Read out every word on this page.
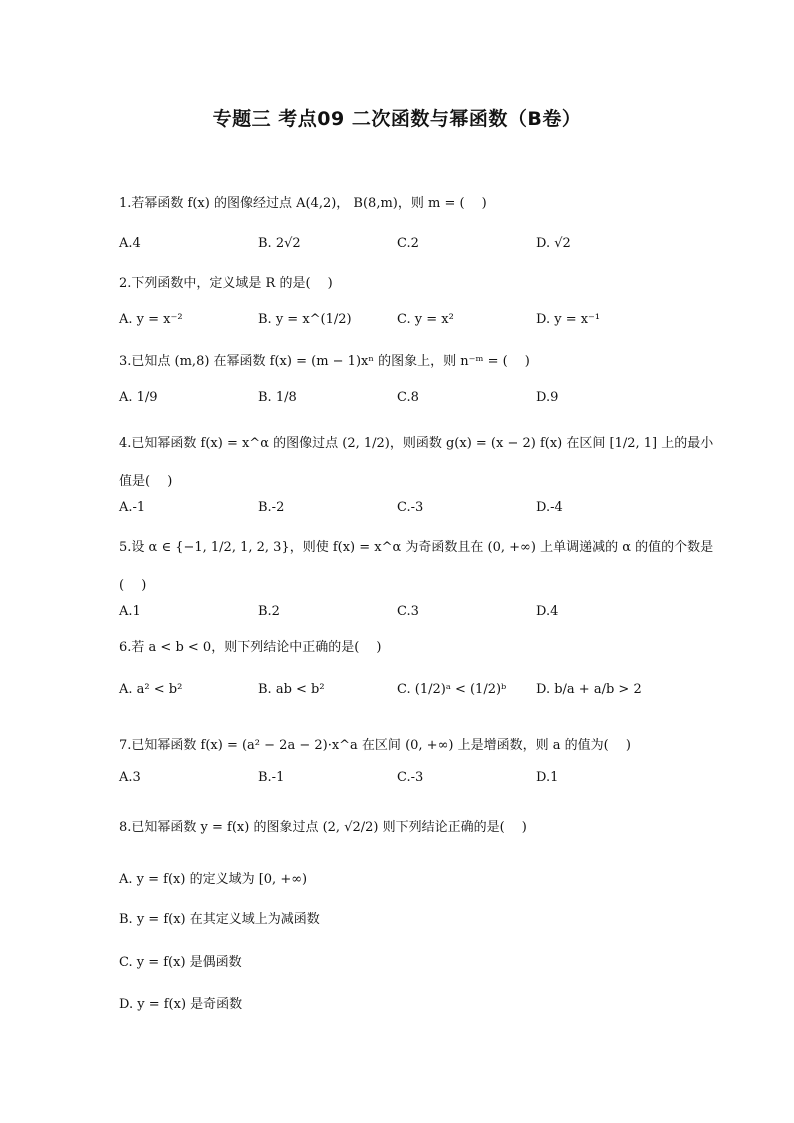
专题三 考点09 二次函数与幂函数（B卷）
1.若幂函数 f(x) 的图像经过点 A(4,2)， B(8,m)，则 m = (　 )
A.4	B. 2√2	C.2	D. √2
2.下列函数中，定义域是 R 的是(　 )
A. y = x⁻²	B. y = x^(1/2)	C. y = x²	D. y = x⁻¹
3.已知点 (m,8) 在幂函数 f(x) = (m − 1)xⁿ 的图象上，则 n⁻ᵐ = (　 )
A. 1/9	B. 1/8	C.8	D.9
4.已知幂函数 f(x) = x^α 的图像过点 (2, 1/2)，则函数 g(x) = (x − 2) f(x) 在区间 [1/2, 1] 上的最小
值是(　 )
A.-1	B.-2	C.-3	D.-4
5.设 α ∈ {−1, 1/2, 1, 2, 3}，则使 f(x) = x^α 为奇函数且在 (0, +∞) 上单调递减的 α 的值的个数是
(　 )
A.1	B.2	C.3	D.4
6.若 a < b < 0，则下列结论中正确的是(　 )
A. a² < b²	B. ab < b²	C. (1/2)ᵃ < (1/2)ᵇ D. b/a + a/b > 2
7.已知幂函数 f(x) = (a² − 2a − 2)·x^a 在区间 (0, +∞) 上是增函数，则 a 的值为(　 )
A.3	B.-1	C.-3	D.1
8.已知幂函数 y = f(x) 的图象过点 (2, √2/2) 则下列结论正确的是(　 )
A. y = f(x) 的定义域为 [0, +∞)
B. y = f(x) 在其定义域上为减函数
C. y = f(x) 是偶函数
D. y = f(x) 是奇函数
